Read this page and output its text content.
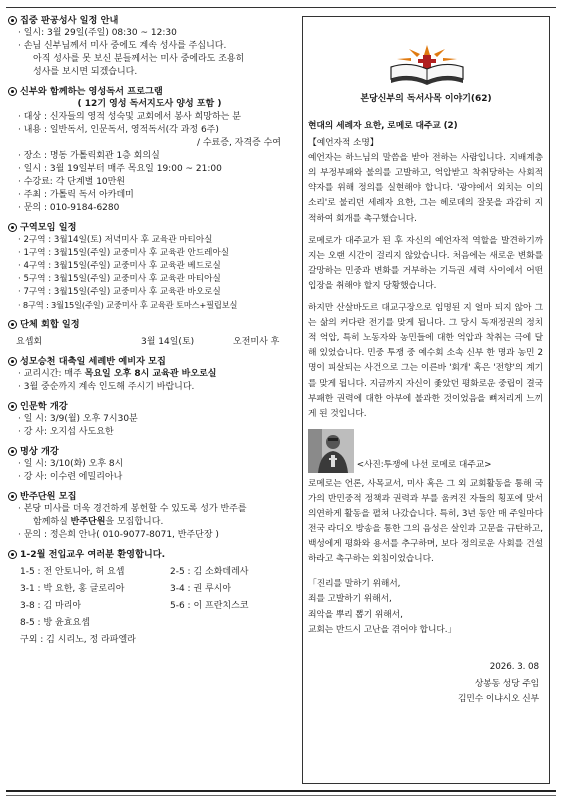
집중 판공성사 일정 안내
· 일시: 3월 29일(주일) 08:30 ~ 12:30
· 손님 신부님께서 미사 중에도 계속 성사를 주십니다.
아직 성사를 못 보신 분들께서는 미사 중에라도 조용히
성사를 보시면 되겠습니다.
신부와 함께하는 영성독서 프로그램
( 12기 영성 독서지도사 양성 포함 )
· 대상 : 신자들의 영적 성숙및 교회에서 봉사 희망하는 분
· 내용 : 일반독서, 인문독서, 영적독서(각 과정 6주)
/ 수료증, 자격증 수여
· 장소 : 명동 가톨릭회관 1층 회의실
· 일시 : 3월 19일부터 매주 목요일 19:00 ~ 21:00
· 수강료: 각 단계별 10만원
· 주최 : 가톨릭 독서 아카데미
· 문의 : 010-9184-6280
구역모임 일정
· 2구역 : 3월14일(토) 저녁미사 후 교육관 마티아실
· 1구역 : 3월15일(주일) 교중미사 후 교육관 안드레아실
· 4구역 : 3월15일(주일) 교중미사 후 교육관 베드로실
· 5구역 : 3월15일(주일) 교중미사 후 교육관 마티아실
· 7구역 : 3월15일(주일) 교중미사 후 교육관 바오로실
· 8구역 : 3월15일(주일) 교중미사 후 교육관 토마스+필립보실
단체 회합 일정
요셉회	3월 14일(토)	오전미사 후
성모승천 대축일 세례반 예비자 모집
· 교리시간: 매주 목요일 오후 8시 교육관 바오로실
· 3월 중순까지 계속 인도해 주시기 바랍니다.
인문학 개강
· 일 시: 3/9(월) 오후 7시30분
· 강 사: 오지섭 사도요한
명상 개강
· 일 시: 3/10(화) 오후 8시
· 강 사: 이수련 에밀리아나
반주단원 모집
· 본당 미사를 더욱 경건하게 봉헌할 수 있도록 성가 반주를
함께하실 반주단원을 모집합니다.
· 문의 : 정은희 안나( 010-9077-8071, 반주단장 )
1-2월 전입교우 여러분 환영합니다.
1-5 : 전 안토니아, 허 요셉	2-5 : 김 소화데레사
3-1 : 박 요한, 홍 글로리아	3-4 : 권 루시아
3-8 : 김 마리아	5-6 : 이 프란치스코
8-5 : 방 윤효요셉
구외 : 김 시리노, 정 라파엘라
본당신부의 독서사목 이야기(62)
현대의 세례자 요한, 로메로 대주교 (2)
【예언자적 소명】

예언자는 하느님의 말씀을 받아 전하는 사람입니다. 지배계층의 부정부패와 불의를 고발하고, 억압받고 착취당하는 사회적 약자를 위해 정의를 실현해야 합니다. '광야에서 외치는 이의 소리'로 불리던 세례자 요한, 그는 헤로데의 잘못을 과감히 지적하여 회개를 촉구했습니다.

로메로가 대주교가 된 후 자신의 예언자적 역할을 발견하기까지는 오랜 시간이 걸리지 않았습니다. 처음에는 새로운 변화를 갈망하는 민중과 변화를 거부하는 기득권 세력 사이에서 어떤 입장을 취해야 할지 당황했습니다.

하지만 산살바도르 대교구장으로 임명된 지 얼마 되지 않아 그는 삶의 커다란 전기를 맞게 됩니다. 그 당시 독재정권의 정치적 억압, 특히 노동자와 농민들에 대한 억압과 착취는 극에 달해 있었습니다. 민중 투쟁 중 예수회 소속 신부 한 명과 농민 2명이 피살되는 사건으로 그는 이른바 '회개' 혹은 '전향'의 계기를 맞게 됩니다. 지금까지 자신이 좇았던 평화로운 중립이 결국 부패한 권력에 대한 아부에 불과한 것이었음을 뼈저리게 느끼게 된 것입니다.

<사진:투쟁에 나선 로메로 대주교>

로메로는 언론, 사목교서, 미사 혹은 그 외 교회활동을 통해 국가의 반민중적 정책과 권력과 부를 움켜진 자들의 횡포에 맞서 의연하게 활동을 펼쳐 나갔습니다. 특히, 3년 동안 매 주일마다 전국 라디오 방송을 통한 그의 음성은 살인과 고문을 규탄하고, 백성에게 평화와 용서를 추구하며, 보다 정의로운 사회를 건설하라고 촉구하는 외침이었습니다.

「진리를 말하기 위해서,
죄를 고발하기 위해서,
죄악을 뿌리 뽑기 위해서,
교회는 반드시 고난을 겪어야 합니다.」
2026. 3. 08
상봉동 성당 주임
김민수 이냐시오 신부
